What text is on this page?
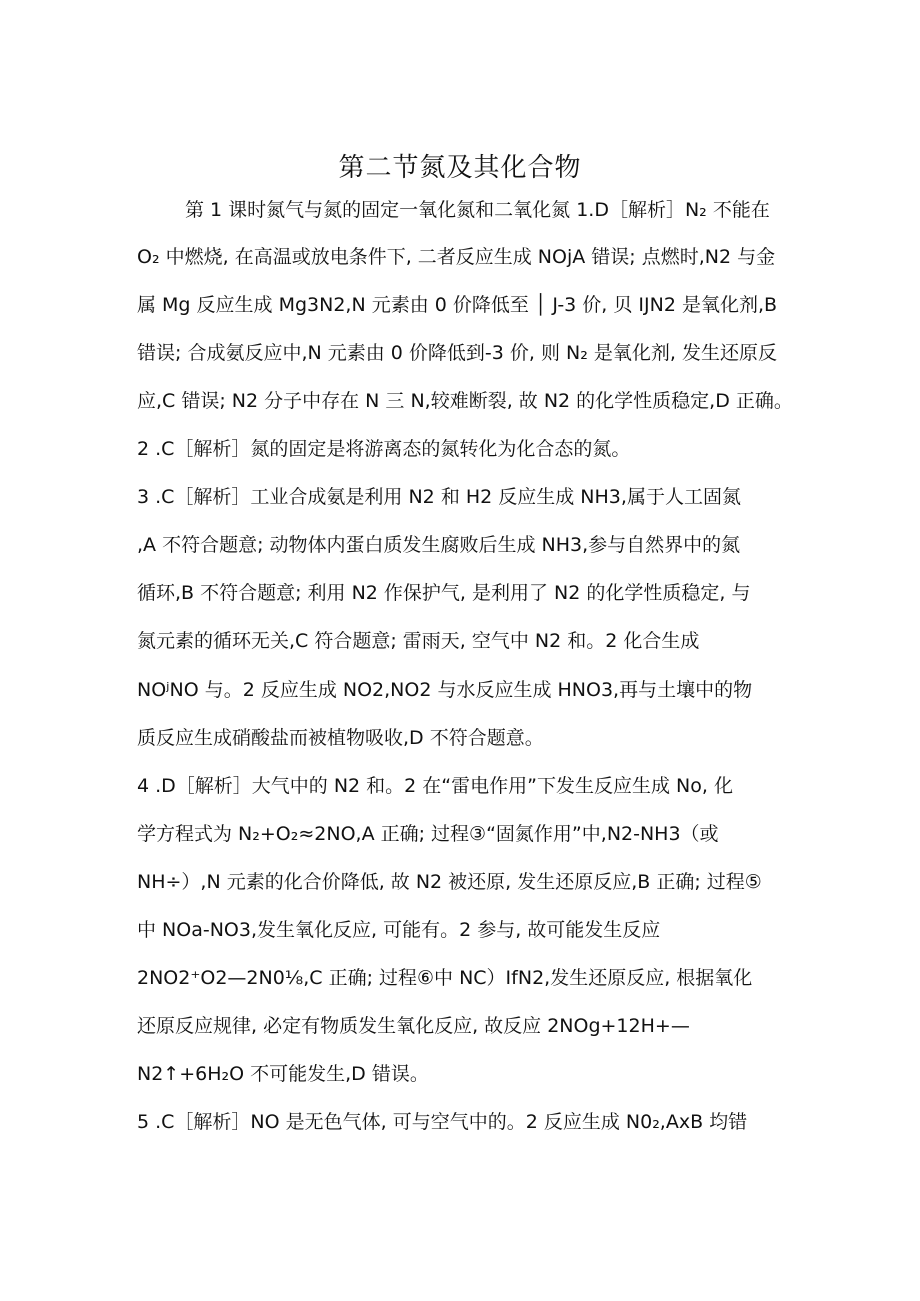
第二节氮及其化合物
第 1 课时氮气与氮的固定一氧化氮和二氧化氮 1.D［解析］N₂ 不能在
O₂ 中燃烧, 在高温或放电条件下, 二者反应生成 NOjA 错误; 点燃时,N2 与金
属 Mg 反应生成 Mg3N2,N 元素由 0 价降低至 │ J-3 价, 贝 IJN2 是氧化剂,B
错误; 合成氨反应中,N 元素由 0 价降低到-3 价, 则 N₂ 是氧化剂, 发生还原反
应,C 错误; N2 分子中存在 N 三 N,较难断裂, 故 N2 的化学性质稳定,D 正确。
2 .C［解析］氮的固定是将游离态的氮转化为化合态的氮。
3 .C［解析］工业合成氨是利用 N2 和 H2 反应生成 NH3,属于人工固氮
,A 不符合题意; 动物体内蛋白质发生腐败后生成 NH3,参与自然界中的氮
循环,B 不符合题意; 利用 N2 作保护气, 是利用了 N2 的化学性质稳定, 与
氮元素的循环无关,C 符合题意; 雷雨天, 空气中 N2 和。2 化合生成
NOʲNO 与。2 反应生成 NO2,NO2 与水反应生成 HNO3,再与土壤中的物
质反应生成硝酸盐而被植物吸收,D 不符合题意。
4 .D［解析］大气中的 N2 和。2 在“雷电作用”下发生反应生成 No, 化
学方程式为 N₂+O₂≈2NO,A 正确; 过程③“固氮作用”中,N2-NH3（或
NH÷）,N 元素的化合价降低, 故 N2 被还原, 发生还原反应,B 正确; 过程⑤
中 NOa-NO3,发生氧化反应, 可能有。2 参与, 故可能发生反应
2NO2⁺O2—2N0⅛,C 正确; 过程⑥中 NC）IfN2,发生还原反应, 根据氧化
还原反应规律, 必定有物质发生氧化反应, 故反应 2NOg+12H+—
N2↑+6H₂O 不可能发生,D 错误。
5 .C［解析］NO 是无色气体, 可与空气中的。2 反应生成 N0₂,AxB 均错
